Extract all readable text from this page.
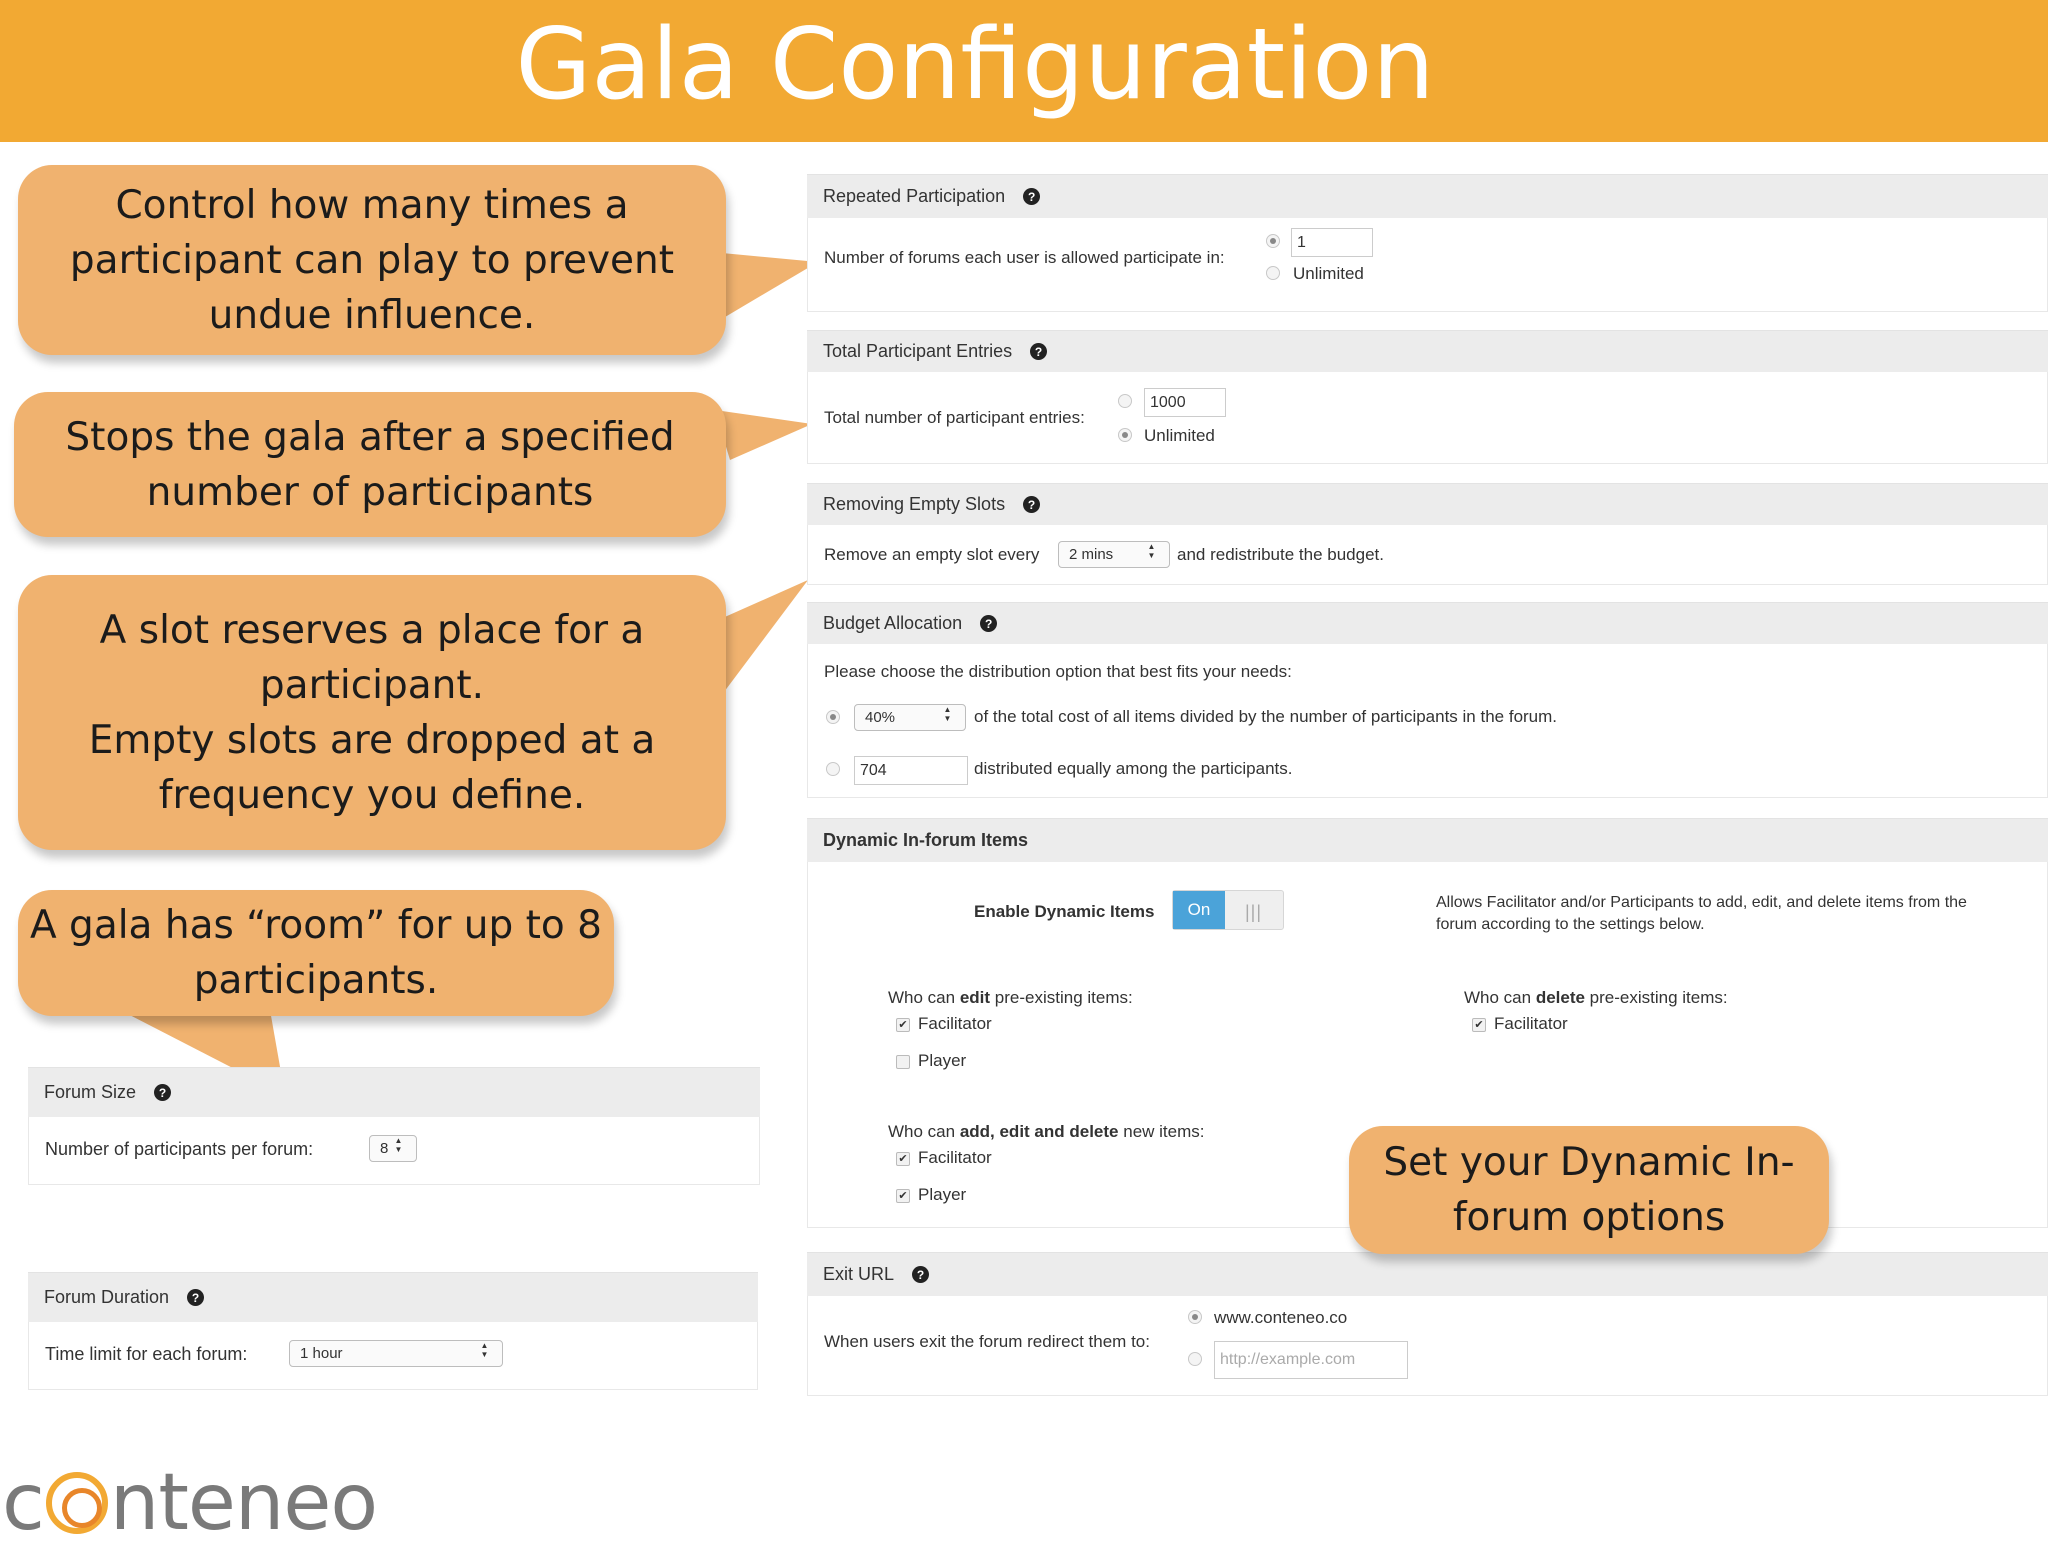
Gala Configuration
Control how many times a
participant can play to prevent
undue influence.
Stops the gala after a specified
number of participants
A slot reserves a place for a
participant.
Empty slots are dropped at a
frequency you define.
A gala has “room” for up to 8
participants.
Forum Size	?
Number of participants per forum:	8 ▲▼
Forum Duration	?
Time limit for each forum:	1 hour	▲▼
Repeated Participation	?
Number of forums each user is allowed participate in:
1
Unlimited
Total Participant Entries	?
Total number of participant entries:
1000
Unlimited
Removing Empty Slots	?
Remove an empty slot every	2 mins	▲▼	and redistribute the budget.
Budget Allocation	?
Please choose the distribution option that best fits your needs:
40%	▲▼	of the total cost of all items divided by the number of participants in the forum.
704	distributed equally among the participants.
Dynamic In-forum Items
Enable Dynamic Items	On	|||	Allows Facilitator and/or Participants to add, edit, and delete items from the
forum according to the settings below.
Who can edit pre-existing items:
✔ Facilitator
Player
Who can delete pre-existing items:
✔ Facilitator
Who can add, edit and delete new items:
✔ Facilitator
✔ Player
Exit URL	?
When users exit the forum redirect them to:
www.conteneo.co
http://example.com
Set your Dynamic In-
forum options
c nteneo
